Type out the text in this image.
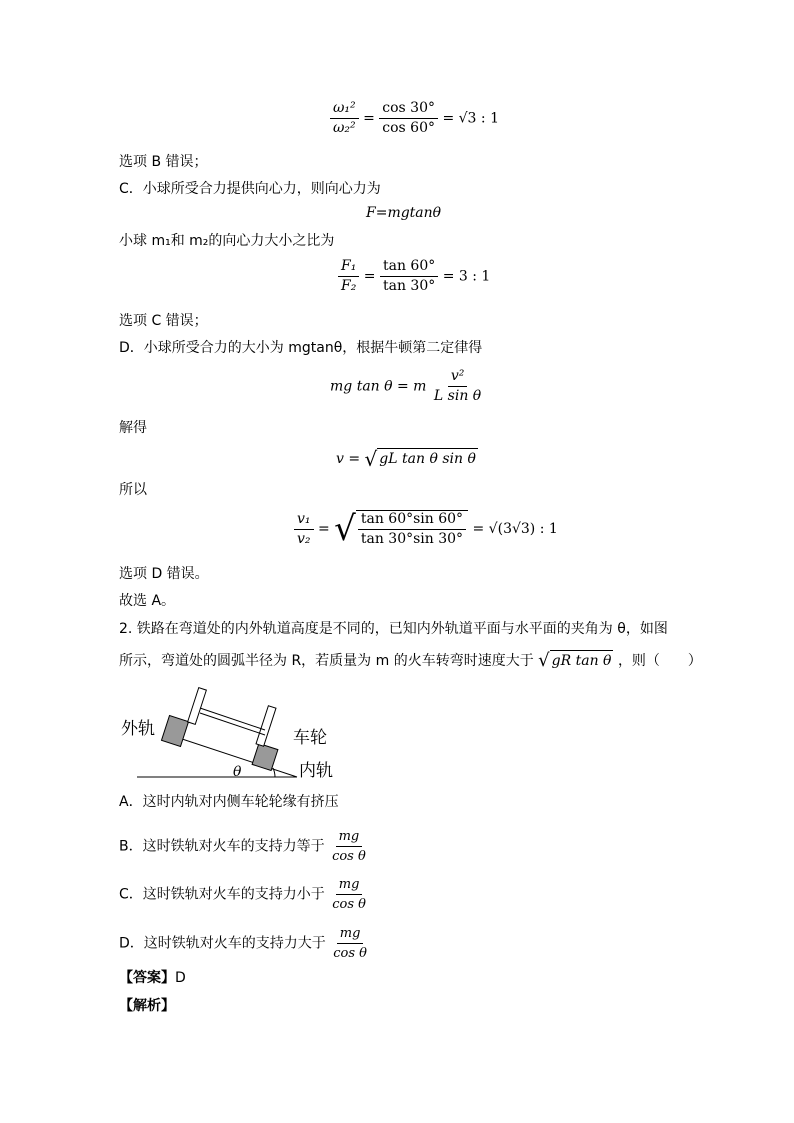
$\frac{\text{ω₁²}}{\text{ω₂²}} = \frac{\cos 30^\circ}{\cos 60^\circ} = √3$ : 1
选项 B 错误；
C．小球所受合力提供向心力，则向心力为
F=mgtanθ
小球 m₁和 m₂的向心力大小之比为
$\frac{\text{F₁}}{\text{F₂}} = \frac{\tan 60^\circ}{\tan 30^\circ} = 3$ : 1
选项 C 错误；
D．小球所受合力的大小为 mgtanθ，根据牛顿第二定律得
mg tan θ = m $\frac{\text{v²}}{\text{L sin θ}}$
解得
v = √ gL tan θ sin θ
所以
$\frac{\text{v₁}}{\text{v₂}}$ = √ $\frac{\tan 60^\circ\sin 60^\circ}{\tan 30^\circ\sin 30^\circ} = √(3√3)$ : 1
选项 D 错误。
故选 A。
2. 铁路在弯道处的内外轨道高度是不同的，已知内外轨道平面与水平面的夹角为 θ，如图
所示，弯道处的圆弧半径为 R，若质量为 m 的火车转弯时速度大于 √ gR tan θ ，则（　　）
外轨	车轮
内轨
θ
A．这时内轨对内侧车轮轮缘有挤压
B．这时铁轨对火车的支持力等于 $\frac{mg}{\text{cos θ}}$
C．这时铁轨对火车的支持力小于 $\frac{mg}{\text{cos θ}}$
D．这时铁轨对火车的支持力大于 $\frac{mg}{\text{cos θ}}$
【答案】D
【解析】
